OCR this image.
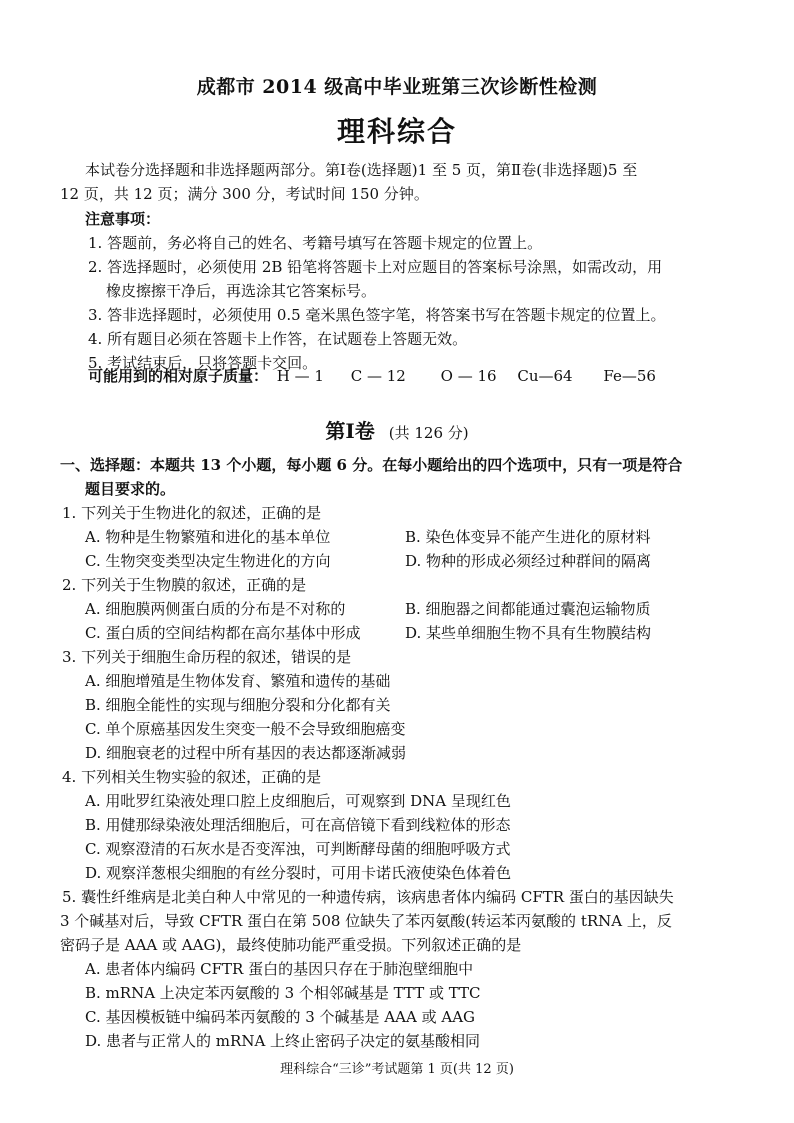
成都市 2014 级高中毕业班第三次诊断性检测
理科综合
本试卷分选择题和非选择题两部分。第Ⅰ卷(选择题)1 至 5 页，第Ⅱ卷(非选择题)5 至
12 页，共 12 页；满分 300 分，考试时间 150 分钟。
注意事项：
1. 答题前，务必将自己的姓名、考籍号填写在答题卡规定的位置上。
2. 答选择题时，必须使用 2B 铅笔将答题卡上对应题目的答案标号涂黑，如需改动，用
橡皮擦擦干净后，再选涂其它答案标号。
3. 答非选择题时，必须使用 0.5 毫米黑色签字笔，将答案书写在答题卡规定的位置上。
4. 所有题目必须在答题卡上作答，在试题卷上答题无效。
5. 考试结束后，只将答题卡交回。
可能用到的相对原子质量： H — 1 C — 12 O — 16 Cu—64 Fe—56
第Ⅰ卷 (共 126 分)
一、选择题：本题共 13 个小题，每小题 6 分。在每小题给出的四个选项中，只有一项是符合
题目要求的。
1. 下列关于生物进化的叙述，正确的是
A. 物种是生物繁殖和进化的基本单位	B. 染色体变异不能产生进化的原材料
C. 生物突变类型决定生物进化的方向	D. 物种的形成必须经过种群间的隔离
2. 下列关于生物膜的叙述，正确的是
A. 细胞膜两侧蛋白质的分布是不对称的	B. 细胞器之间都能通过囊泡运输物质
C. 蛋白质的空间结构都在高尔基体中形成	D. 某些单细胞生物不具有生物膜结构
3. 下列关于细胞生命历程的叙述，错误的是
A. 细胞增殖是生物体发育、繁殖和遗传的基础
B. 细胞全能性的实现与细胞分裂和分化都有关
C. 单个原癌基因发生突变一般不会导致细胞癌变
D. 细胞衰老的过程中所有基因的表达都逐渐减弱
4. 下列相关生物实验的叙述，正确的是
A. 用吡罗红染液处理口腔上皮细胞后，可观察到 DNA 呈现红色
B. 用健那绿染液处理活细胞后，可在高倍镜下看到线粒体的形态
C. 观察澄清的石灰水是否变浑浊，可判断酵母菌的细胞呼吸方式
D. 观察洋葱根尖细胞的有丝分裂时，可用卡诺氏液使染色体着色
5. 囊性纤维病是北美白种人中常见的一种遗传病，该病患者体内编码 CFTR 蛋白的基因缺失
3 个碱基对后，导致 CFTR 蛋白在第 508 位缺失了苯丙氨酸(转运苯丙氨酸的 tRNA 上，反
密码子是 AAA 或 AAG)，最终使肺功能严重受损。下列叙述正确的是
A. 患者体内编码 CFTR 蛋白的基因只存在于肺泡壁细胞中
B. mRNA 上决定苯丙氨酸的 3 个相邻碱基是 TTT 或 TTC
C. 基因模板链中编码苯丙氨酸的 3 个碱基是 AAA 或 AAG
D. 患者与正常人的 mRNA 上终止密码子决定的氨基酸相同
理科综合“三诊”考试题第 1 页(共 12 页)
